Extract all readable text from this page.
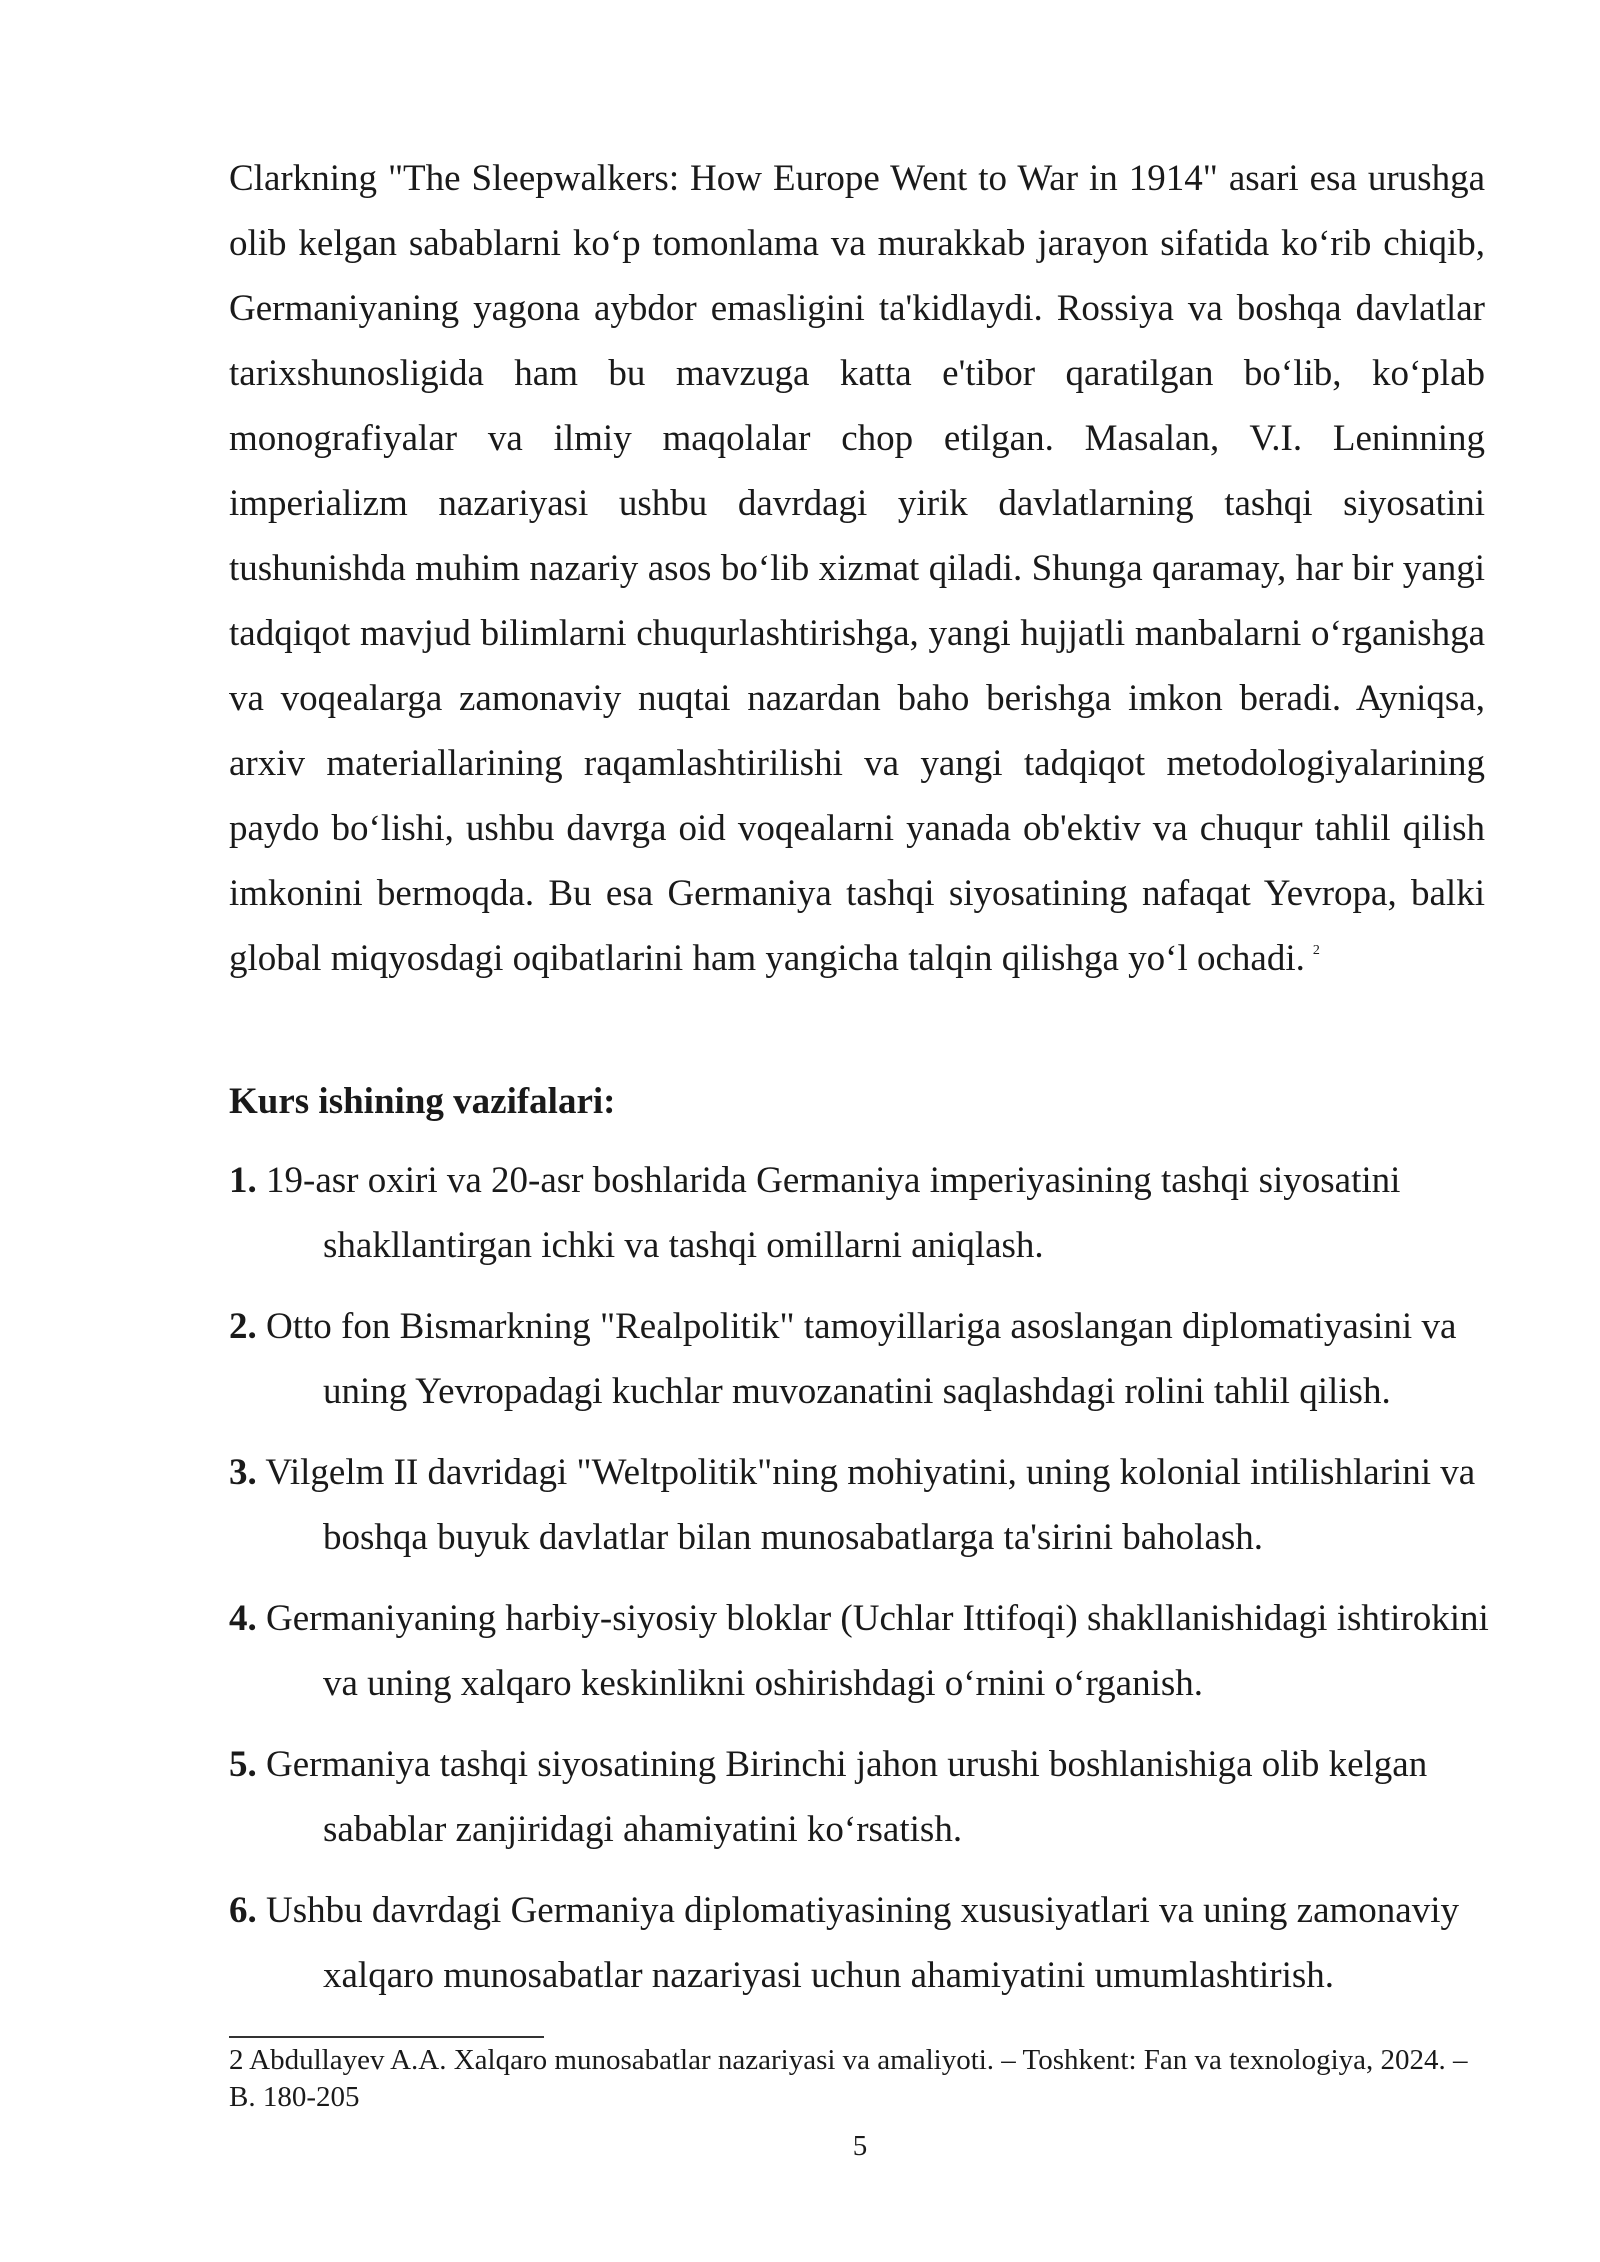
Clarkning "The Sleepwalkers: How Europe Went to War in 1914" asari esa urushga olib kelgan sabablarni koʻp tomonlama va murakkab jarayon sifatida koʻrib chiqib, Germaniyaning yagona aybdor emasligini ta'kidlaydi. Rossiya va boshqa davlatlar tarixshunosligida ham bu mavzuga katta e'tibor qaratilgan boʻlib, koʻplab monografiyalar va ilmiy maqolalar chop etilgan. Masalan, V.I. Leninning imperializm nazariyasi ushbu davrdagi yirik davlatlarning tashqi siyosatini tushunishda muhim nazariy asos boʻlib xizmat qiladi. Shunga qaramay, har bir yangi tadqiqot mavjud bilimlarni chuqurlashtirishga, yangi hujjatli manbalarni oʻrganishga va voqealarga zamonaviy nuqtai nazardan baho berishga imkon beradi. Ayniqsa, arxiv materiallarining raqamlashtirilishi va yangi tadqiqot metodologiyalarining paydo boʻlishi, ushbu davrga oid voqealarni yanada ob'ektiv va chuqur tahlil qilish imkonini bermoqda. Bu esa Germaniya tashqi siyosatining nafaqat Yevropa, balki global miqyosdagi oqibatlarini ham yangicha talqin qilishga yoʻl ochadi. $^2$

Kurs ishining vazifalari:
1. 19-asr oxiri va 20-asr boshlarida Germaniya imperiyasining tashqi siyosatini shakllantirgan ichki va tashqi omillarni aniqlash.
2. Otto fon Bismarkning "Realpolitik" tamoyillariga asoslangan diplomatiyasini va uning Yevropadagi kuchlar muvozanatini saqlashdagi rolini tahlil qilish.
3. Vilgelm II davridagi "Weltpolitik"ning mohiyatini, uning kolonial intilishlarini va boshqa buyuk davlatlar bilan munosabatlarga ta'sirini baholash.
4. Germaniyaning harbiy-siyosiy bloklar (Uchlar Ittifoqi) shakllanishidagi ishtirokini va uning xalqaro keskinlikni oshirishdagi oʻrnini oʻrganish.
5. Germaniya tashqi siyosatining Birinchi jahon urushi boshlanishiga olib kelgan sabablar zanjiridagi ahamiyatini koʻrsatish.
6. Ushbu davrdagi Germaniya diplomatiyasining xususiyatlari va uning zamonaviy xalqaro munosabatlar nazariyasi uchun ahamiyatini umumlashtirish.

2 Abdullayev A.A. Xalqaro munosabatlar nazariyasi va amaliyoti. – Toshkent: Fan va texnologiya, 2024. – B. 180-205

5
